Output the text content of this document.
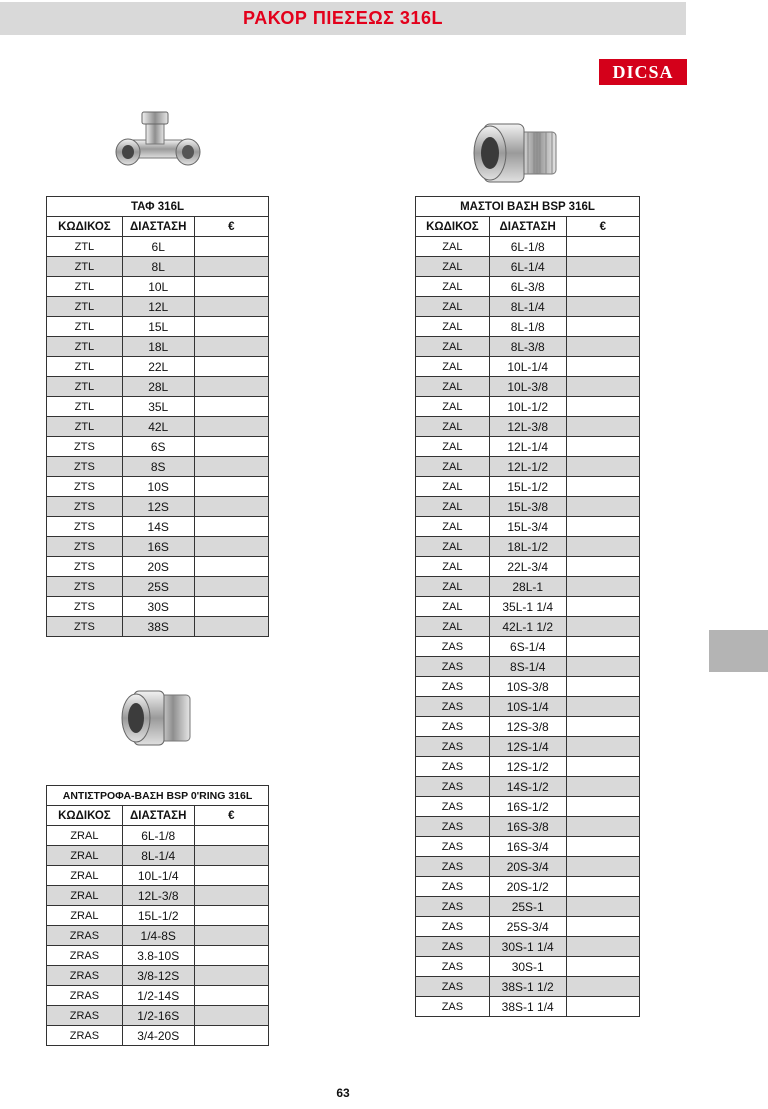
ΡΑΚΟΡ ΠΙΕΣΕΩΣ 316L
DICSA
ΤΑΦ 316L		
ΚΩΔΙΚΟΣ	ΔΙΑΣΤΑΣΗ	€
ZTL	6L	
ZTL	8L	
ZTL	10L	
ZTL	12L	
ZTL	15L	
ZTL	18L	
ZTL	22L	
ZTL	28L	
ZTL	35L	
ZTL	42L	
ZTS	6S	
ZTS	8S	
ZTS	10S	
ZTS	12S	
ZTS	14S	
ZTS	16S	
ZTS	20S	
ZTS	25S	
ZTS	30S	
ZTS	38S	
ΑΝΤΙΣΤΡΟΦΑ-ΒΑΣΗ BSP 0'RING 316L		
ΚΩΔΙΚΟΣ	ΔΙΑΣΤΑΣΗ	€
ZRAL	6L-1/8	
ZRAL	8L-1/4	
ZRAL	10L-1/4	
ZRAL	12L-3/8	
ZRAL	15L-1/2	
ZRAS	1/4-8S	
ZRAS	3.8-10S	
ZRAS	3/8-12S	
ZRAS	1/2-14S	
ZRAS	1/2-16S	
ZRAS	3/4-20S	
ΜΑΣΤΟΙ ΒΑΣΗ BSP 316L		
ΚΩΔΙΚΟΣ	ΔΙΑΣΤΑΣΗ	€
ZAL	6L-1/8	
ZAL	6L-1/4	
ZAL	6L-3/8	
ZAL	8L-1/4	
ZAL	8L-1/8	
ZAL	8L-3/8	
ZAL	10L-1/4	
ZAL	10L-3/8	
ZAL	10L-1/2	
ZAL	12L-3/8	
ZAL	12L-1/4	
ZAL	12L-1/2	
ZAL	15L-1/2	
ZAL	15L-3/8	
ZAL	15L-3/4	
ZAL	18L-1/2	
ZAL	22L-3/4	
ZAL	28L-1	
ZAL	35L-1 1/4	
ZAL	42L-1 1/2	
ZAS	6S-1/4	
ZAS	8S-1/4	
ZAS	10S-3/8	
ZAS	10S-1/4	
ZAS	12S-3/8	
ZAS	12S-1/4	
ZAS	12S-1/2	
ZAS	14S-1/2	
ZAS	16S-1/2	
ZAS	16S-3/8	
ZAS	16S-3/4	
ZAS	20S-3/4	
ZAS	20S-1/2	
ZAS	25S-1	
ZAS	25S-3/4	
ZAS	30S-1 1/4	
ZAS	30S-1	
ZAS	38S-1 1/2	
ZAS	38S-1 1/4	
63
